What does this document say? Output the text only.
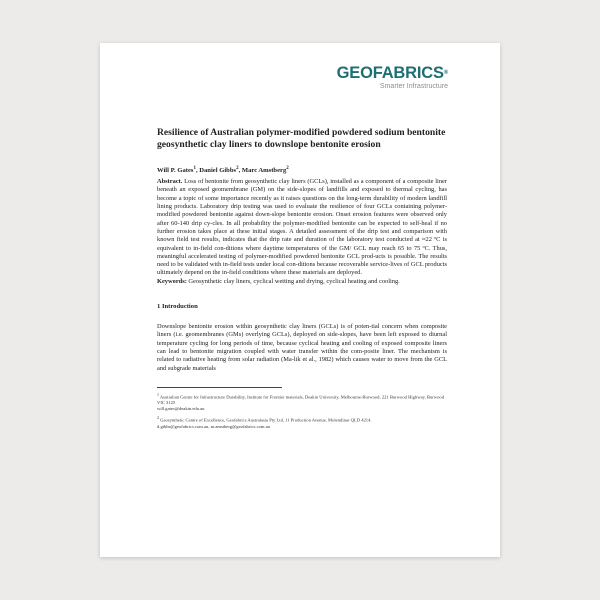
GEOFABRICS®
Smarter Infrastructure
Resilience of Australian polymer-modified powdered sodium bentonite geosynthetic clay liners to downslope bentonite erosion
Will P. Gates$^1$, Daniel Gibbs$^2$, Marc Amstberg$^2$
Abstract. Loss of bentonite from geosynthetic clay liners (GCLs), installed as a component of a composite liner beneath an exposed geomembrane (GM) on the side-slopes of landfills and exposed to thermal cycling, has become a topic of some importance recently as it raises questions on the long-term durability of modern landfill lining products. Laboratory drip testing was used to evaluate the resilience of four GCLs containing polymer-modified powdered bentonite against down-slope bentonite erosion. Onset erosion features were observed only after 60-140 drip cy-cles. In all probability the polymer-modified bentonite can be expected to self-heal if no further erosion takes place at these initial stages. A detailed assessment of the drip test and comparison with known field test results, indicates that the drip rate and duration of the laboratory test conducted at ≈22 ºC is equivalent to in-field con-ditions where daytime temperatures of the GM/ GCL may reach 65 to 75 ºC. Thus, meaningful accelerated testing of polymer-modified powdered bentonite GCL prod-ucts is possible. The results need to be validated with in-field tests under local con-ditions because recoverable service-lives of GCL products ultimately depend on the in-field conditions where these materials are deployed.
Keywords: Geosynthetic clay liners, cyclical wetting and drying, cyclical heating and cooling.
1 Introduction
Downslope bentonite erosion within geosynthetic clay liners (GCLs) is of poten-tial concern when composite liners (i.e. geomembranes (GMs) overlying GCLs), deployed on side-slopes, have been left exposed to diurnal temperature cycling for long periods of time, because cyclical heating and cooling of exposed composite liners can lead to bentonite migration coupled with water transfer within the com-posite liner. The mechanism is related to radiative heating from solar radiation (Ma-lik et al., 1982) which causes water to move from the GCL and subgrade materials
$^1$ Australian Centre for Infrastructure Durability, Institute for Frontier materials, Deakin University, Melbourne-Burwood, 221 Burwood Highway, Burwood VIC 3125
will.gates@deakin.edu.au
$^2$ Geosynthetic Centre of Excellence, Geofabrics Australasia Pty Ltd, 11 Production Avenue, Molendinar QLD 4214.
d.gibbs@geofabrics.com.au, m.amstberg@geofabrics.com.au
